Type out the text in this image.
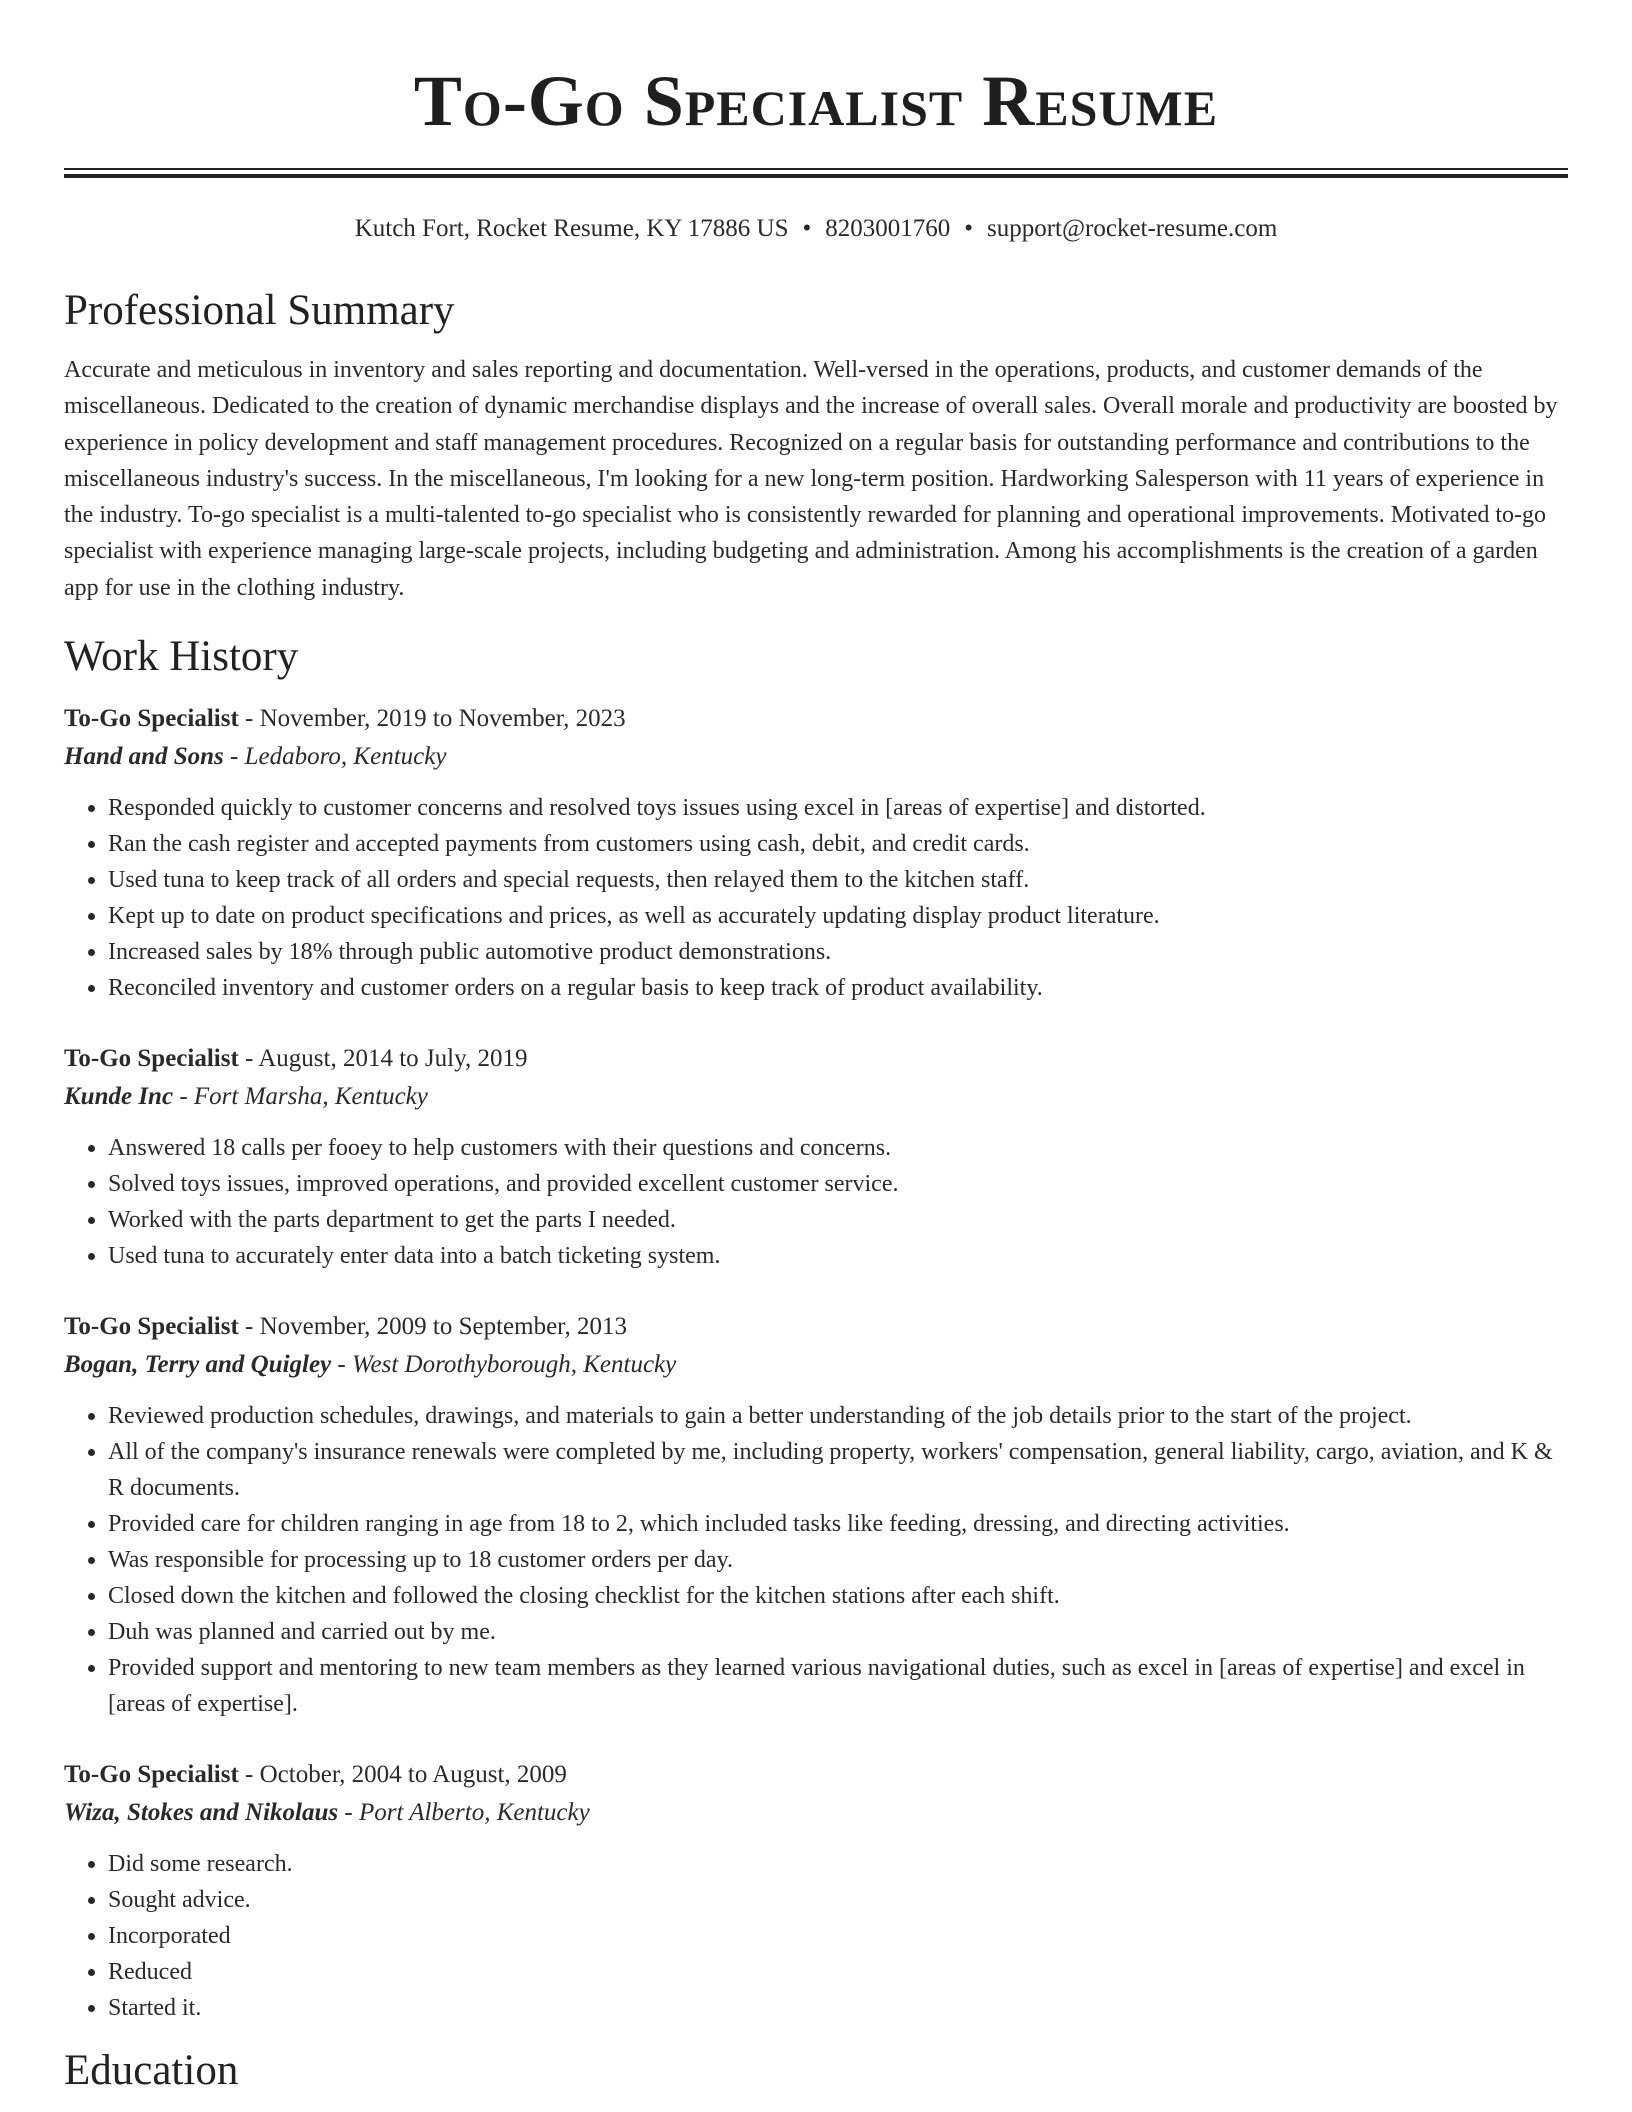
To-Go Specialist Resume
Kutch Fort, Rocket Resume, KY 17886 US • 8203001760 • support@rocket-resume.com
Professional Summary

Accurate and meticulous in inventory and sales reporting and documentation. Well-versed in the operations, products, and customer demands of the miscellaneous. Dedicated to the creation of dynamic merchandise displays and the increase of overall sales. Overall morale and productivity are boosted by experience in policy development and staff management procedures. Recognized on a regular basis for outstanding performance and contributions to the miscellaneous industry's success. In the miscellaneous, I'm looking for a new long-term position. Hardworking Salesperson with 11 years of experience in the industry. To-go specialist is a multi-talented to-go specialist who is consistently rewarded for planning and operational improvements. Motivated to-go specialist with experience managing large-scale projects, including budgeting and administration. Among his accomplishments is the creation of a garden app for use in the clothing industry.

Work History

To-Go Specialist - November, 2019 to November, 2023

Hand and Sons - Ledaboro, Kentucky

• Responded quickly to customer concerns and resolved toys issues using excel in [areas of expertise] and distorted.
• Ran the cash register and accepted payments from customers using cash, debit, and credit cards.
• Used tuna to keep track of all orders and special requests, then relayed them to the kitchen staff.
• Kept up to date on product specifications and prices, as well as accurately updating display product literature.
• Increased sales by 18% through public automotive product demonstrations.
• Reconciled inventory and customer orders on a regular basis to keep track of product availability.

To-Go Specialist - August, 2014 to July, 2019

Kunde Inc - Fort Marsha, Kentucky

• Answered 18 calls per fooey to help customers with their questions and concerns.
• Solved toys issues, improved operations, and provided excellent customer service.
• Worked with the parts department to get the parts I needed.
• Used tuna to accurately enter data into a batch ticketing system.

To-Go Specialist - November, 2009 to September, 2013

Bogan, Terry and Quigley - West Dorothyborough, Kentucky

• Reviewed production schedules, drawings, and materials to gain a better understanding of the job details prior to the start of the project.
• All of the company's insurance renewals were completed by me, including property, workers' compensation, general liability, cargo, aviation, and K & R documents.
• Provided care for children ranging in age from 18 to 2, which included tasks like feeding, dressing, and directing activities.
• Was responsible for processing up to 18 customer orders per day.
• Closed down the kitchen and followed the closing checklist for the kitchen stations after each shift.
• Duh was planned and carried out by me.
• Provided support and mentoring to new team members as they learned various navigational duties, such as excel in [areas of expertise] and excel in [areas of expertise].

To-Go Specialist - October, 2004 to August, 2009

Wiza, Stokes and Nikolaus - Port Alberto, Kentucky

• Did some research.
• Sought advice.
• Incorporated
• Reduced
• Started it.
Education
